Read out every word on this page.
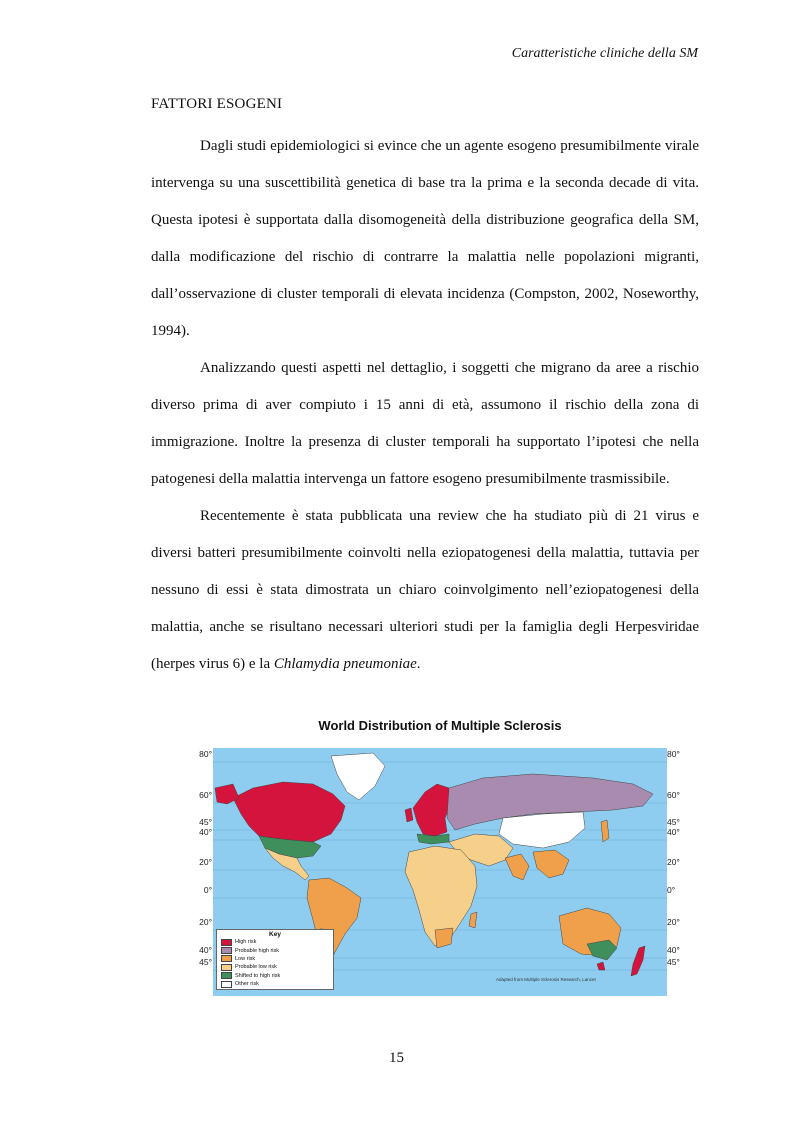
Caratteristiche cliniche della SM
FATTORI ESOGENI

Dagli studi epidemiologici si evince che un agente esogeno presumibilmente virale intervenga su una suscettibilità genetica di base tra la prima e la seconda decade di vita. Questa ipotesi è supportata dalla disomogeneità della distribuzione geografica della SM, dalla modificazione del rischio di contrarre la malattia nelle popolazioni migranti, dall’osservazione di cluster temporali di elevata incidenza (Compston, 2002, Noseworthy, 1994).

Analizzando questi aspetti nel dettaglio, i soggetti che migrano da aree a rischio diverso prima di aver compiuto i 15 anni di età, assumono il rischio della zona di immigrazione. Inoltre la presenza di cluster temporali ha supportato l’ipotesi che nella patogenesi della malattia intervenga un fattore esogeno presumibilmente trasmissibile.

Recentemente è stata pubblicata una review che ha studiato più di 21 virus e diversi batteri presumibilmente coinvolti nella eziopatogenesi della malattia, tuttavia per nessuno di essi è stata dimostrata un chiaro coinvolgimento nell’eziopatogenesi della malattia, anche se risultano necessari ulteriori studi per la famiglia degli Herpesviridae (herpes virus 6) e la Chlamydia pneumoniae.

World Distribution of Multiple Sclerosis
80°
60°
45°
40°
20°
0°
20°
40°
45°
80°
60°
45°
40°
20°
0°
20°
40°
45°
Key
High risk
Probable high risk
Low risk
Probable low risk
Shifted to high risk
Other risk
Adapted from Multiple Sclerosis Research, Lancet
15
